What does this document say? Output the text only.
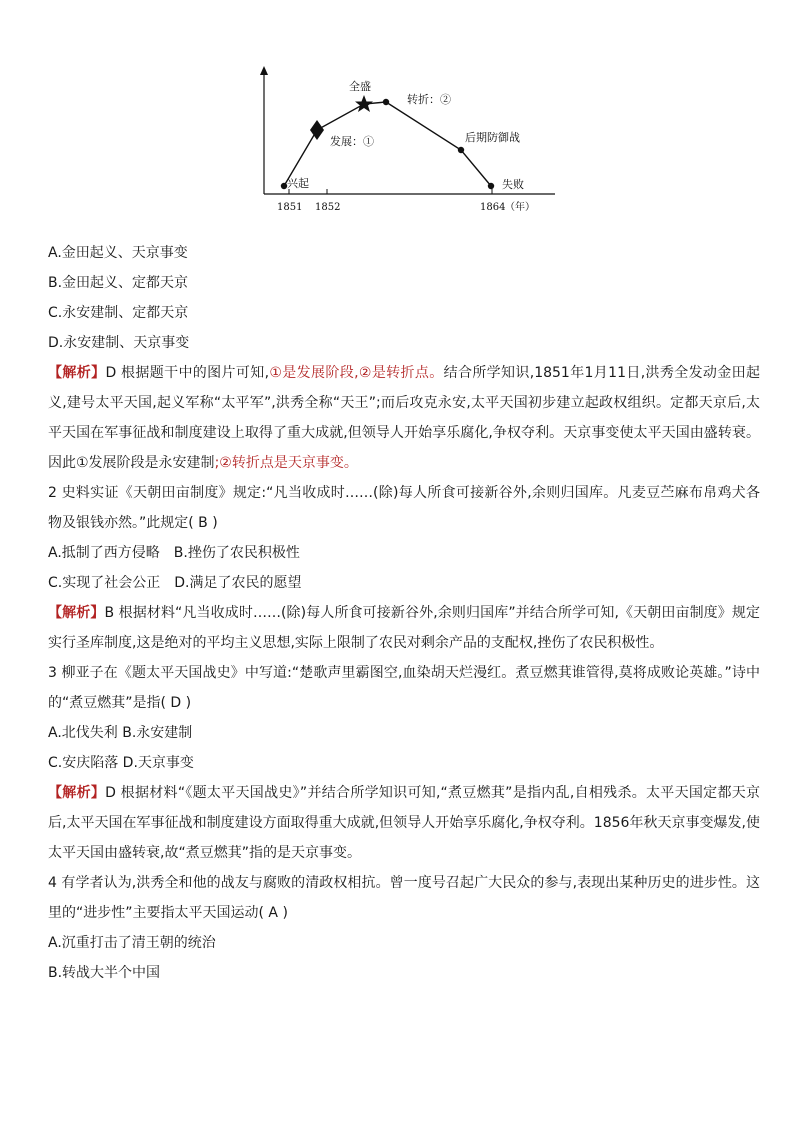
全盛
转折：②
发展：①	后期防御战
兴起	失败
1851 1852	1864 （年）
A.金田起义、天京事变
B.金田起义、定都天京
C.永安建制、定都天京
D.永安建制、天京事变
【解析】D 根据题干中的图片可知,①是发展阶段,②是转折点。结合所学知识,1851年1月11日,洪秀全发动金田起义,建号太平天国,起义军称“太平军”,洪秀全称“天王”;而后攻克永安,太平天国初步建立起政权组织。定都天京后,太平天国在军事征战和制度建设上取得了重大成就,但领导人开始享乐腐化,争权夺利。天京事变使太平天国由盛转衰。因此①发展阶段是永安建制;②转折点是天京事变。
2 史料实证《天朝田亩制度》规定:“凡当收成时……(除)每人所食可接新谷外,余则归国库。凡麦豆苎麻布帛鸡犬各物及银钱亦然。”此规定( B )
A.抵制了西方侵略　B.挫伤了农民积极性
C.实现了社会公正　D.满足了农民的愿望
【解析】B 根据材料“凡当收成时……(除)每人所食可接新谷外,余则归国库”并结合所学可知,《天朝田亩制度》规定实行圣库制度,这是绝对的平均主义思想,实际上限制了农民对剩余产品的支配权,挫伤了农民积极性。
3 柳亚子在《题太平天国战史》中写道:“楚歌声里霸图空,血染胡天烂漫红。煮豆燃萁谁管得,莫将成败论英雄。”诗中的“煮豆燃萁”是指( D )
A.北伐失利 B.永安建制
C.安庆陷落 D.天京事变
【解析】D 根据材料“《题太平天国战史》”并结合所学知识可知,“煮豆燃萁”是指内乱,自相残杀。太平天国定都天京后,太平天国在军事征战和制度建设方面取得重大成就,但领导人开始享乐腐化,争权夺利。1856年秋天京事变爆发,使太平天国由盛转衰,故“煮豆燃萁”指的是天京事变。
4 有学者认为,洪秀全和他的战友与腐败的清政权相抗。曾一度号召起广大民众的参与,表现出某种历史的进步性。这里的“进步性”主要指太平天国运动( A )
A.沉重打击了清王朝的统治
B.转战大半个中国
